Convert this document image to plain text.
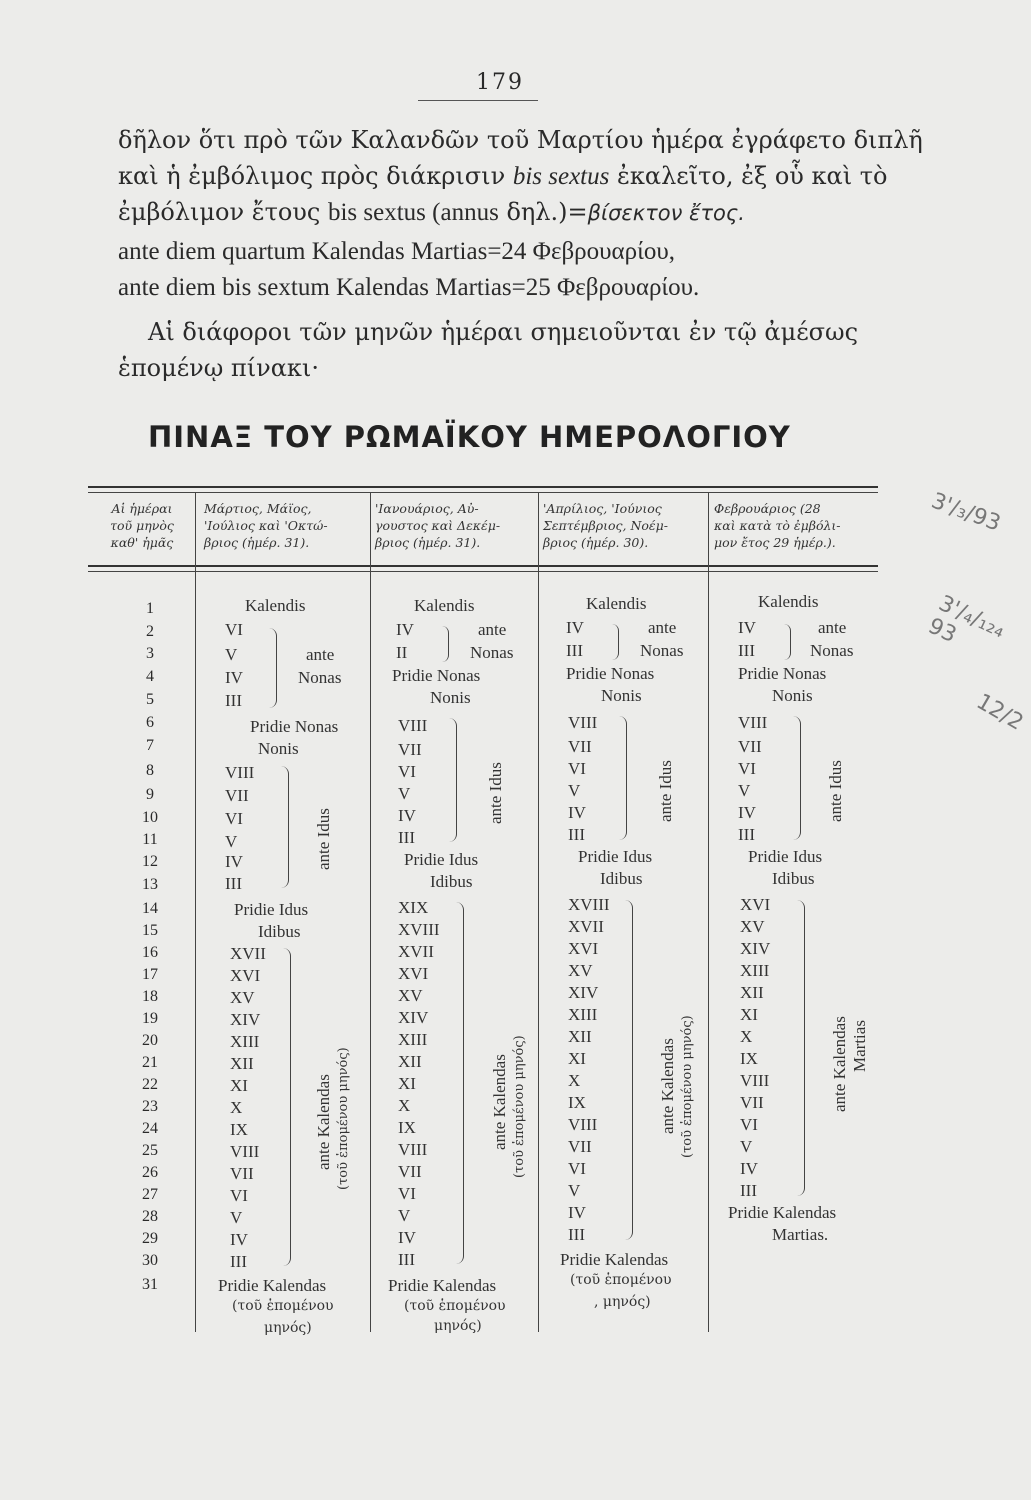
179
δῆλον ὅτι πρὸ τῶν Καλανδῶν τοῦ Μαρτίου ἡμέρα ἐγράφετο διπλῆ
καὶ ἡ ἐμβόλιμος πρὸς διάκρισιν bis sextus ἐκαλεῖτο, ἐξ οὗ καὶ τὸ
ἐμβόλιμον ἔτους bis sextus (annus δηλ.)=βίσεκτον ἔτος.
ante diem quartum Kalendas Martias=24 Φεβρουαρίου,
ante diem bis sextum Kalendas Martias=25 Φεβρουαρίου.
Αἱ διάφοροι τῶν μηνῶν ἡμέραι σημειοῦνται ἐν τῷ ἀμέσως
ἑπομένῳ πίνακι·
ΠΙΝΑΞ ΤΟΥ ΡΩΜΑΪΚΟΥ ΗΜΕΡΟΛΟΓΙΟΥ
Αἱ ἡμέραι
τοῦ μηνὸς
καθ' ἡμᾶς
Μάρτιος, Μάϊος,
'Ιούλιος καὶ 'Οκτώ-
βριος (ἡμέρ. 31).
'Ιανουάριος, Αὐ-
γουστος καὶ Δεκέμ-
βριος (ἡμέρ. 31).
'Απρίλιος, 'Ιούνιος
Σεπτέμβριος, Νοέμ-
βριος (ἡμέρ. 30).
Φεβρουάριος (28
καὶ κατὰ τὸ ἐμβόλι-
μον ἔτος 29 ἡμέρ.).
1
2
3
4
5
6
7
8
9
10
11
12
13
14
15
16
17
18
19
20
21
22
23
24
25
26
27
28
29
30
31
Kalendis
VI
V
IV
III
ante
Nonas
Pridie Nonas
Nonis
VIII
VII
VI
V
IV
III
ante Idus
Pridie Idus
Idibus
XVII
XVI
XV
XIV
XIII
XII
XI
X
IX
VIII
VII
VI
V
IV
III
ante Kalendas (τοῦ ἑπομένου μηνός)
Pridie Kalendas
(τοῦ ἑπομένου
μηνός)
Kalendis
IV
II
ante
Nonas
Pridie Nonas
Nonis
VIII
VII
VI
V
IV
III
ante Idus
Pridie Idus
Idibus
XIX
XVIII
XVII
XVI
XV
XIV
XIII
XII
XI
X
IX
VIII
VII
VI
V
IV
III
ante Kalendas (τοῦ ἑπομένου μηνός)
Pridie Kalendas
(τοῦ ἑπομένου
μηνός)
Kalendis
IV
III
ante
Nonas
Pridie Nonas
Nonis
VIII
VII
VI
V
IV
III
ante Idus
Pridie Idus
Idibus
XVIII
XVII
XVI
XV
XIV
XIII
XII
XI
X
IX
VIII
VII
VI
V
IV
III
ante Kalendas (τοῦ ἑπομένου μηνός)
Pridie Kalendas
(τοῦ ἑπομένου
, μηνός)
Kalendis
IV
III
ante
Nonas
Pridie Nonas
Nonis
VIII
VII
VI
V
IV
III
ante Idus
Pridie Idus
Idibus
XVI
XV
XIV
XIII
XII
XI
X
IX
VIII
VII
VI
V
IV
III
ante Kalendas Martias
Pridie Kalendas
Martias.
3'/₃/93
3'/₄/₁₂₄ 93
12/2
